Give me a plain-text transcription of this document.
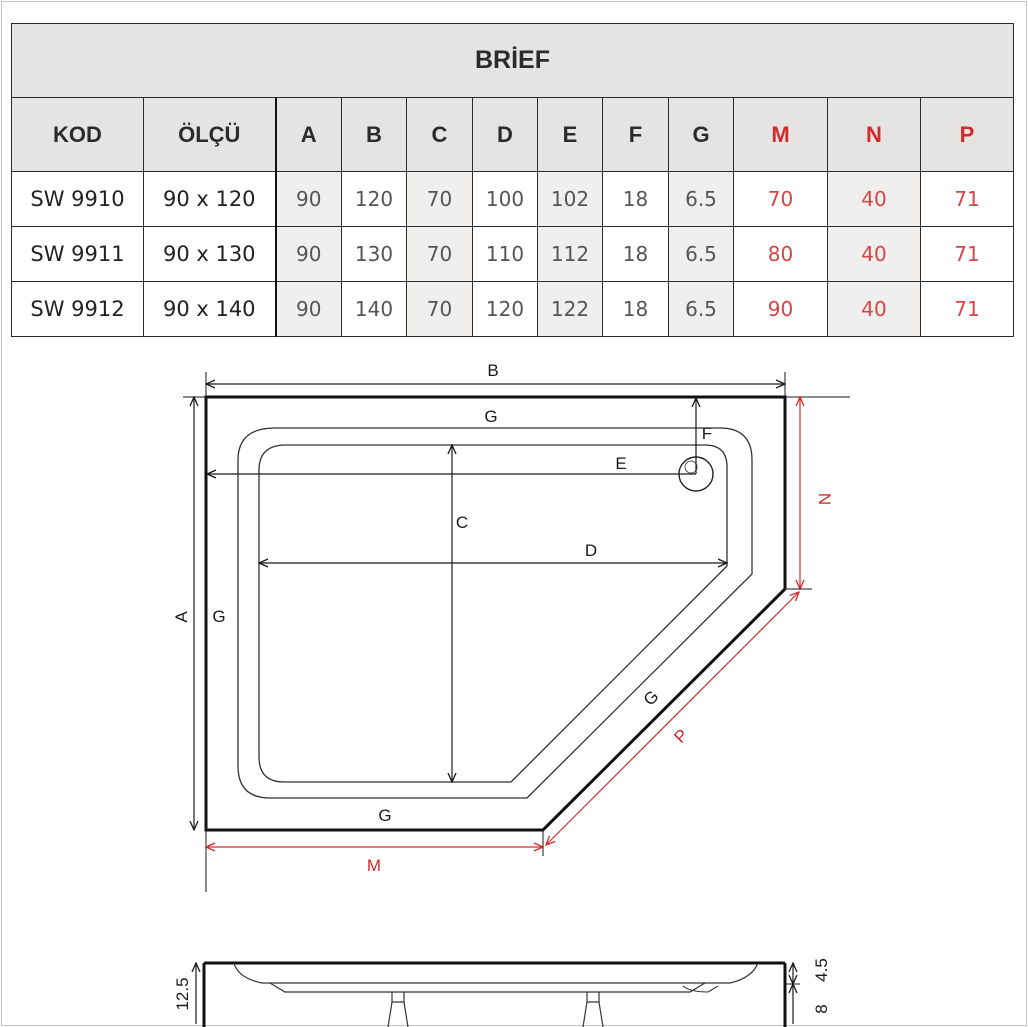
BRİEF											
KOD	ÖLÇÜ	A	B	C	D	E	F	G	M	N	P
SW 9910	90 x 120	90	120	70	100	102	18	6.5	70	40	71
SW 9911	90 x 130	90	130	70	110	112	18	6.5	80	40	71
SW 9912	90 x 140	90	140	70	120	122	18	6.5	90	40	71
B
A
G
G
G
G
F
E
C
D
N
P
M
12.5
4.5
8
